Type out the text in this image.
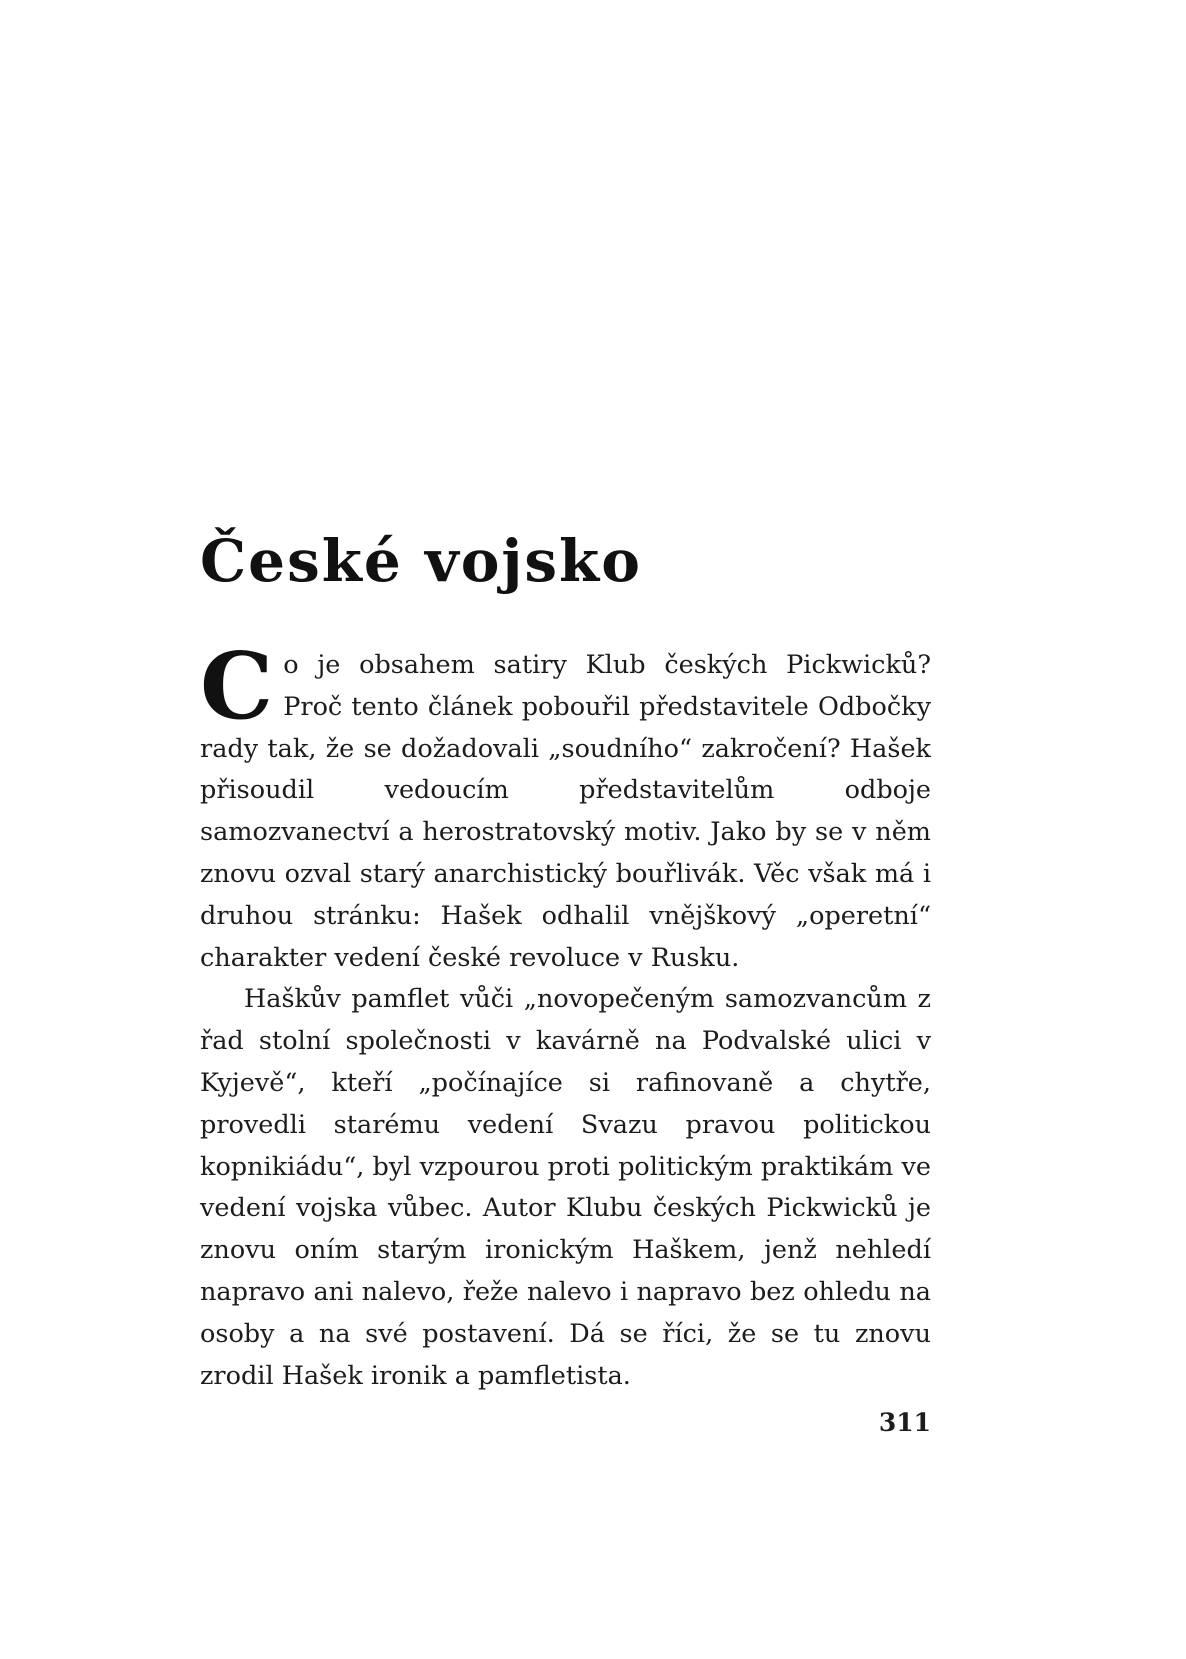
České vojsko

Co je obsahem satiry Klub českých Pickwicků? Proč tento článek pobouřil představitele Odbočky rady tak, že se dožadovali „soudního“ zakročení? Hašek přisoudil vedoucím představitelům odboje samozvanectví a herostratovský motiv. Jako by se v něm znovu ozval starý anarchistický bouřlivák. Věc však má i druhou stránku: Hašek odhalil vnějškový „operetní“ charakter vedení české revoluce v Rusku.

Haškův pamflet vůči „novopečeným samozvancům z řad stolní společnosti v kavárně na Podvalské ulici v Kyjevě“, kteří „počínajíce si rafinovaně a chytře, provedli starému vedení Svazu pravou politickou kopnikiádu“, byl vzpourou proti politickým praktikám ve vedení vojska vůbec. Autor Klubu českých Pickwicků je znovu oním starým ironickým Haškem, jenž nehledí napravo ani nalevo, řeže nalevo i napravo bez ohledu na osoby a na své postavení. Dá se říci, že se tu znovu zrodil Hašek ironik a pamfletista.

311
